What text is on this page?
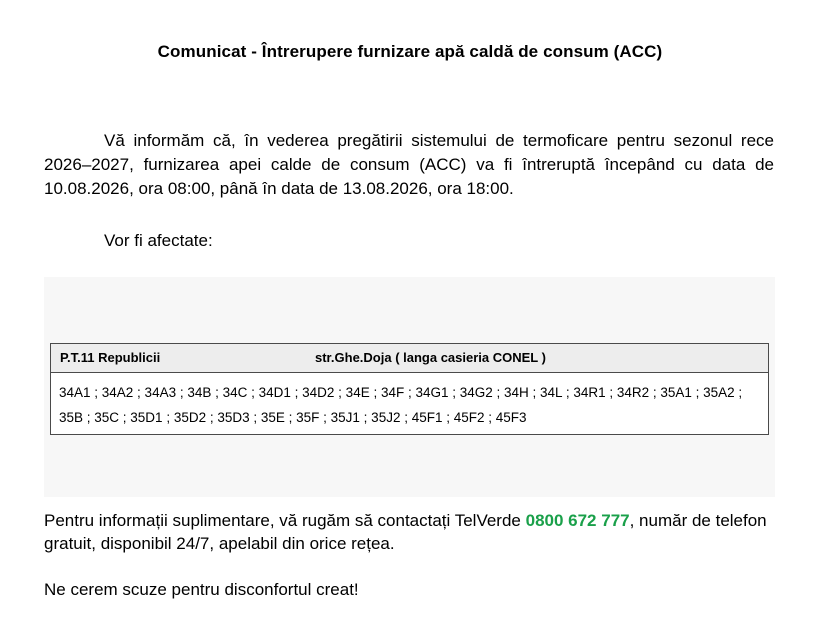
Comunicat - Întrerupere furnizare apă caldă de consum (ACC)
Vă informăm că, în vederea pregătirii sistemului de termoficare pentru sezonul rece 2026–2027, furnizarea apei calde de consum (ACC) va fi întreruptă începând cu data de 10.08.2026, ora 08:00, până în data de 13.08.2026, ora 18:00.
Vor fi afectate:
P.T.11 Republicii	str.Ghe.Doja ( langa casieria CONEL )
34A1 ; 34A2 ; 34A3 ; 34B ; 34C ; 34D1 ; 34D2 ; 34E ; 34F ; 34G1 ; 34G2 ; 34H ; 34L ; 34R1 ; 34R2 ; 35A1 ; 35A2 ; 35B ; 35C ; 35D1 ; 35D2 ; 35D3 ; 35E ; 35F ; 35J1 ; 35J2 ; 45F1 ; 45F2 ; 45F3
Pentru informații suplimentare, vă rugăm să contactați TelVerde 0800 672 777, număr de telefon gratuit, disponibil 24/7, apelabil din orice rețea.
Ne cerem scuze pentru disconfortul creat!
